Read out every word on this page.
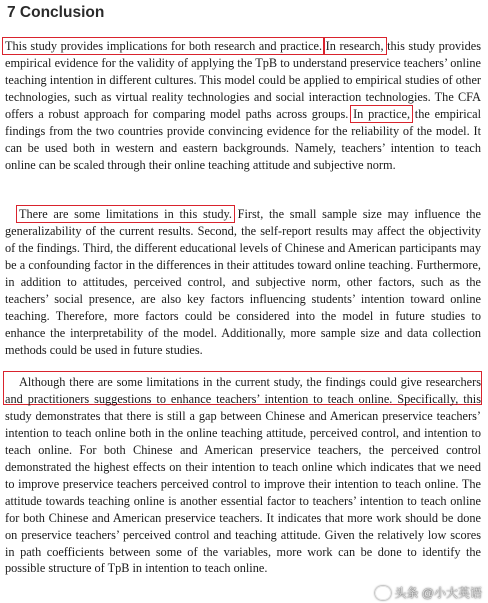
7 Conclusion

This study provides implications for both research and practice. In research, this study provides empirical evidence for the validity of applying the TpB to understand preservice teachers’ online teaching intention in different cultures. This model could be applied to empirical studies of other technologies, such as virtual reality technologies and social interaction technologies. The CFA offers a robust approach for comparing model paths across groups. In practice, the empirical findings from the two countries provide convincing evidence for the reliability of the model. It can be used both in western and eastern backgrounds. Namely, teachers’ intention to teach online can be scaled through their online teaching attitude and subjective norm.

There are some limitations in this study. First, the small sample size may influence the generalizability of the current results. Second, the self-report results may affect the objectivity of the findings. Third, the different educational levels of Chinese and American participants may be a confounding factor in the differences in their attitudes toward online teaching. Furthermore, in addition to attitudes, perceived control, and subjective norm, other factors, such as the teachers’ social presence, are also key factors influencing students’ intention toward online teaching. Therefore, more factors could be considered into the model in future studies to enhance the interpretability of the model. Additionally, more sample size and data collection methods could be used in future studies.

Although there are some limitations in the current study, the findings could give researchers and practitioners suggestions to enhance teachers’ intention to teach online. Specifically, this study demonstrates that there is still a gap between Chinese and American preservice teachers’ intention to teach online both in the online teaching attitude, perceived control, and intention to teach online. For both Chinese and American preservice teachers, the perceived control demonstrated the highest effects on their intention to teach online which indicates that we need to improve preservice teachers perceived control to improve their intention to teach online. The attitude towards teaching online is another essential factor to teachers’ intention to teach online for both Chinese and American preservice teachers. It indicates that more work should be done on preservice teachers’ perceived control and teaching attitude. Given the relatively low scores in path coefficients between some of the variables, more work can be done to identify the possible structure of TpB in intention to teach online.

头条 @小大英语
